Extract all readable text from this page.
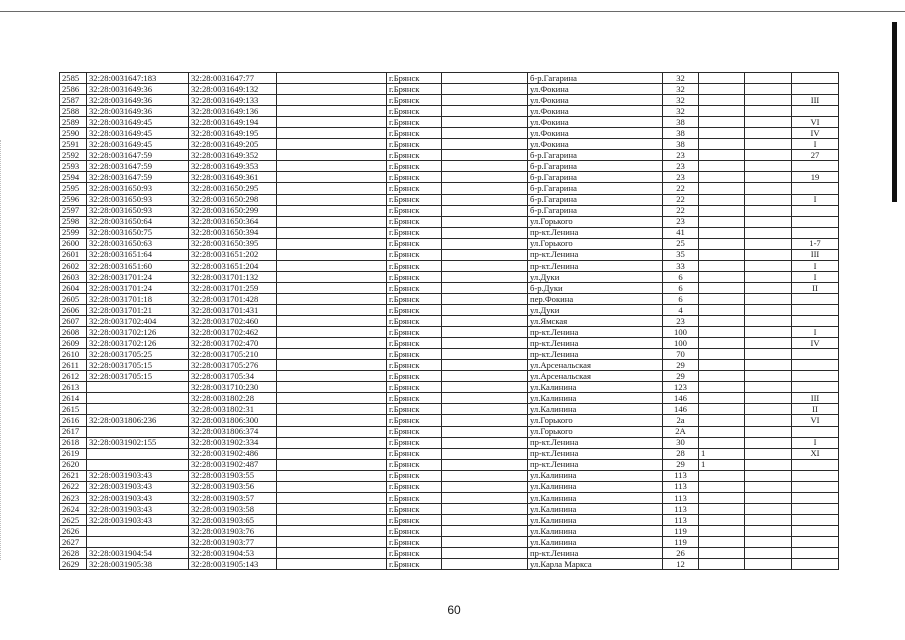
2585	32:28:0031647:183	32:28:0031647:77		г.Брянск		б-р.Гагарина	32			
2586	32:28:0031649:36	32:28:0031649:132		г.Брянск		ул.Фокина	32			
2587	32:28:0031649:36	32:28:0031649:133		г.Брянск		ул.Фокина	32			III
2588	32:28:0031649:36	32:28:0031649:136		г.Брянск		ул.Фокина	32			
2589	32:28:0031649:45	32:28:0031649:194		г.Брянск		ул.Фокина	38			VI
2590	32:28:0031649:45	32:28:0031649:195		г.Брянск		ул.Фокина	38			IV
2591	32:28:0031649:45	32:28:0031649:205		г.Брянск		ул.Фокина	38			I
2592	32:28:0031647:59	32:28:0031649:352		г.Брянск		б-р.Гагарина	23			27
2593	32:28:0031647:59	32:28:0031649:353		г.Брянск		б-р.Гагарина	23			
2594	32:28:0031647:59	32:28:0031649:361		г.Брянск		б-р.Гагарина	23			19
2595	32:28:0031650:93	32:28:0031650:295		г.Брянск		б-р.Гагарина	22			
2596	32:28:0031650:93	32:28:0031650:298		г.Брянск		б-р.Гагарина	22			I
2597	32:28:0031650:93	32:28:0031650:299		г.Брянск		б-р.Гагарина	22			
2598	32:28:0031650:64	32:28:0031650:364		г.Брянск		ул.Горького	23			
2599	32:28:0031650:75	32:28:0031650:394		г.Брянск		пр-кт.Ленина	41			
2600	32:28:0031650:63	32:28:0031650:395		г.Брянск		ул.Горького	25			1-7
2601	32:28:0031651:64	32:28:0031651:202		г.Брянск		пр-кт.Ленина	35			III
2602	32:28:0031651:60	32:28:0031651:204		г.Брянск		пр-кт.Ленина	33			I
2603	32:28:0031701:24	32:28:0031701:132		г.Брянск		ул.Дуки	6			I
2604	32:28:0031701:24	32:28:0031701:259		г.Брянск		б-р.Дуки	6			II
2605	32:28:0031701:18	32:28:0031701:428		г.Брянск		пер.Фокина	6			
2606	32:28:0031701:21	32:28:0031701:431		г.Брянск		ул.Дуки	4			
2607	32:28:0031702:404	32:28:0031702:460		г.Брянск		ул.Ямская	23			
2608	32:28:0031702:126	32:28:0031702:462		г.Брянск		пр-кт.Ленина	100			I
2609	32:28:0031702:126	32:28:0031702:470		г.Брянск		пр-кт.Ленина	100			IV
2610	32:28:0031705:25	32:28:0031705:210		г.Брянск		пр-кт.Ленина	70			
2611	32:28:0031705:15	32:28:0031705:276		г.Брянск		ул.Арсенальская	29			
2612	32:28:0031705:15	32:28:0031705:34		г.Брянск		ул.Арсенальская	29			
2613		32:28:0031710:230		г.Брянск		ул.Калинина	123			
2614		32:28:0031802:28		г.Брянск		ул.Калинина	146			III
2615		32:28:0031802:31		г.Брянск		ул.Калинина	146			II
2616	32:28:0031806:236	32:28:0031806:300		г.Брянск		ул.Горького	2а			VI
2617		32:28:0031806:374		г.Брянск		ул.Горького	2А			
2618	32:28:0031902:155	32:28:0031902:334		г.Брянск		пр-кт.Ленина	30			I
2619		32:28:0031902:486		г.Брянск		пр-кт.Ленина	28	1		XI
2620		32:28:0031902:487		г.Брянск		пр-кт.Ленина	29	1		
2621	32:28:0031903:43	32:28:0031903:55		г.Брянск		ул.Калинина	113			
2622	32:28:0031903:43	32:28:0031903:56		г.Брянск		ул.Калинина	113			
2623	32:28:0031903:43	32:28:0031903:57		г.Брянск		ул.Калинина	113			
2624	32:28:0031903:43	32:28:0031903:58		г.Брянск		ул.Калинина	113			
2625	32:28:0031903:43	32:28:0031903:65		г.Брянск		ул.Калинина	113			
2626		32:28:0031903:76		г.Брянск		ул.Калинина	119			
2627		32:28:0031903:77		г.Брянск		ул.Калинина	119			
2628	32:28:0031904:54	32:28:0031904:53		г.Брянск		пр-кт.Ленина	26			
2629	32:28:0031905:38	32:28:0031905:143		г.Брянск		ул.Карла Маркса	12			
60
